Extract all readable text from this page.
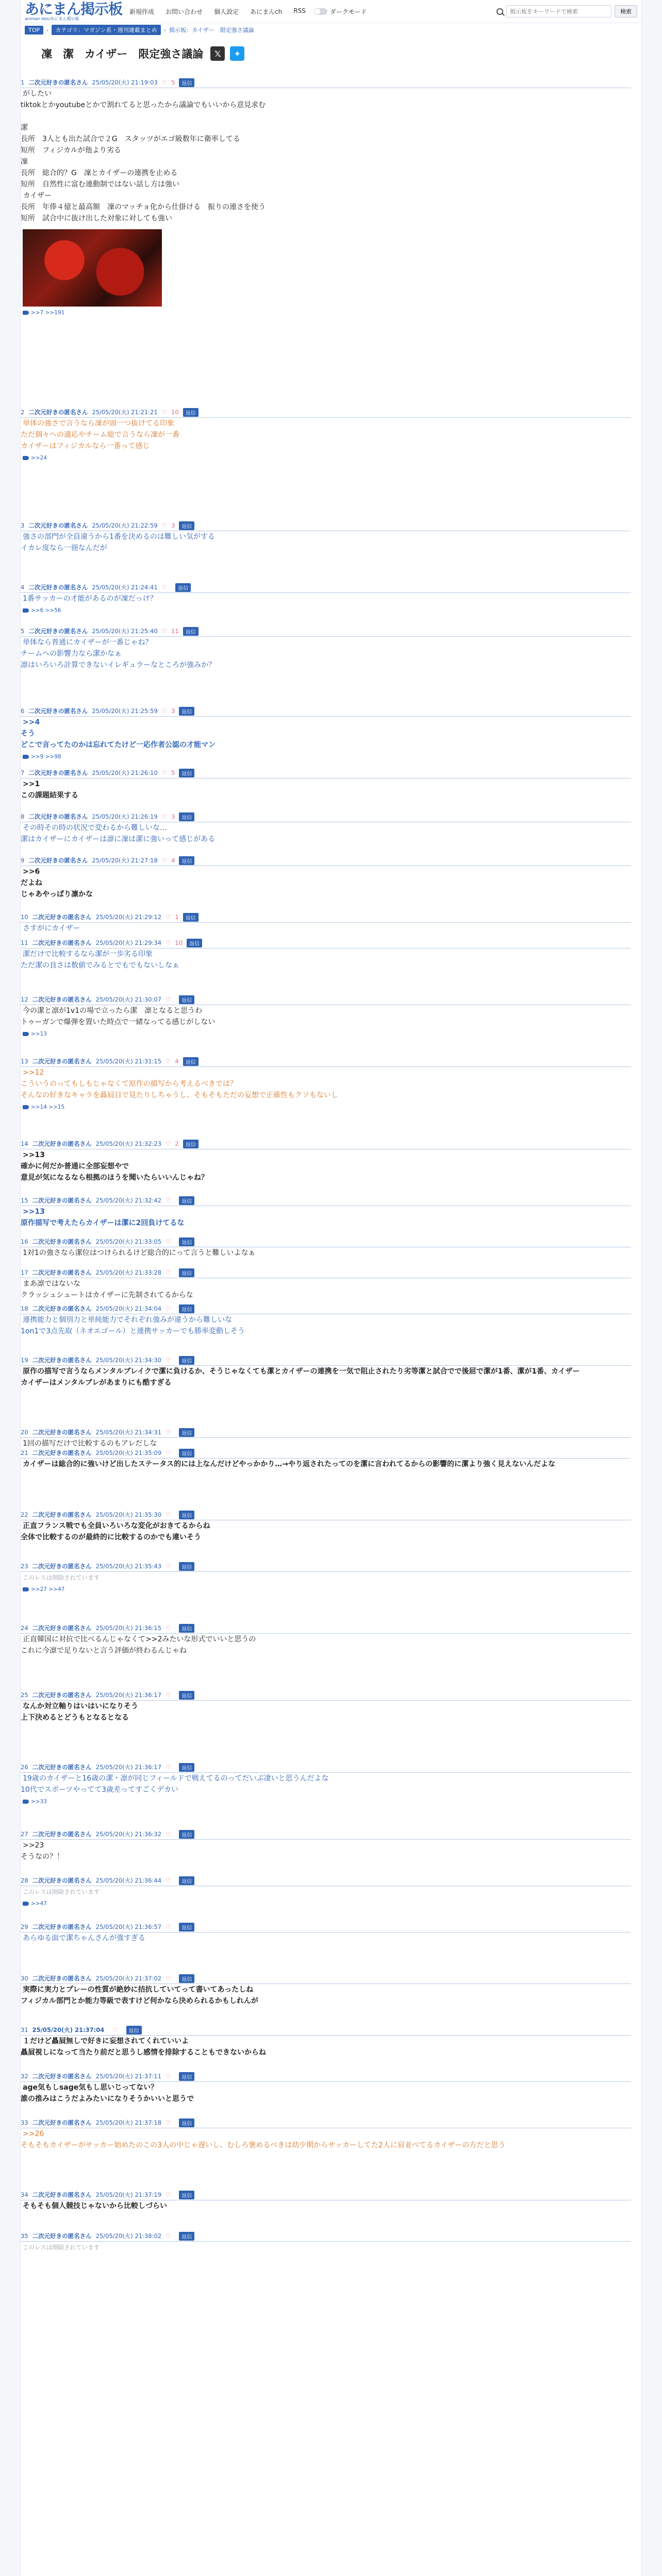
あにまん掲示板
animan bbs/あにまん掲示板
新規作成 お問い合わせ 個人設定 あにまんch RSS	ダークモード
掲示板をキーワードで検索	検索
TOP	›	カテゴリ：マガジン系・週刊連載まとめ	› 掲示板：カイザー　限定強さ議論
凜　潔　カイザー　限定強さ議論	𝕏	✦
1 二次元好きの匿名さん 25/05/20(火) 21:19:03 ♡ 5	返信
がしたい
tiktokとかyoutubeとかで割れてると思ったから議論でもいいから意見求む

潔
長所　3人とも出た試合で２G　スタッツがエゴ級数年に衛率してる
短所　フィジカルが他より劣る
凜
長所　総合的？G　凜とカイザーの連携を止める
短所　自然性に富む連動制ではない話し方は強い
カイザー
長所　年俸４億と最高額　凜のマッチョ化から仕掛ける　振りの連さを使う
短所　試合中に抜け出した対象に対しても強い
>>7 >>191
2 二次元好きの匿名さん 25/05/20(火) 21:21:21 ♡ 10	返信
単体の強さで言うなら凜が頭一つ抜けてる印象
ただ個々への適応やチーム総で言うなら凜が一番
カイザーはフィジカルなら一番って感じ
>>24
3 二次元好きの匿名さん 25/05/20(火) 21:22:59 ♡ 3	返信
強さの部門が全員違うから1番を決めるのは難しい気がする
イカレ度なら一冊なんだが
4 二次元好きの匿名さん 25/05/20(火) 21:24:41 ♡	返信
1番サッカーの才能があるのが凜だっけ？
>>6 >>56
5 二次元好きの匿名さん 25/05/20(火) 21:25:40 ♡ 11	返信
単体なら普通にカイザーが一番じゃね？
チームへの影響力なら潔かなぁ
凛はいろいろ計算できないイレギュラーなところが強みか？
6 二次元好きの匿名さん 25/05/20(火) 21:25:59 ♡ 3	返信
>>4
そう
どこで言ってたのかは忘れてたけど一応作者公認の才能マン
>>9 >>98
7 二次元好きの匿名さん 25/05/20(火) 21:26:10 ♡ 5	返信
>>1
この課題結果する
8 二次元好きの匿名さん 25/05/20(火) 21:26:19 ♡ 3	返信
その時その時の状況で変わるから難しいな…
潔はカイザーにカイザーは凛に凜は潔に強いって感じがある
9 二次元好きの匿名さん 25/05/20(火) 21:27:18 ♡ 4	返信
>>6
だよね
じゃあやっぱり凛かな
10 二次元好きの匿名さん 25/05/20(火) 21:29:12 ♡ 1	返信
さすがにカイザー
11 二次元好きの匿名さん 25/05/20(火) 21:29:34 ♡ 10	返信
潔だけで比較するなら潔が一歩劣る印象
ただ潔の良さは数値でみるとでもでもないしなぁ
12 二次元好きの匿名さん 25/05/20(火) 21:30:07 ♡	返信
今の潔と凛が1v1の場で立ったら潔　凛となると思うわ
トゥーガンで爆弾を置いた時点で一緒なってる感じがしない
>>13
13 二次元好きの匿名さん 25/05/20(火) 21:31:15 ♡ 4	返信
>>12
こういうのってもしもじゃなくて原作の描写から考えるべきでは？
そんなの好きなキャラを贔屓目で見たりしちゃうし、そもそもただの妄想で正確性もクソもないし
>>14 >>15
14 二次元好きの匿名さん 25/05/20(火) 21:32:23 ♡ 2	返信
>>13
確かに何だか普通に全部妄想やで
意見が気になるなら根拠のほうを聞いたらいいんじゃね？
15 二次元好きの匿名さん 25/05/20(火) 21:32:42 ♡	返信
>>13
原作描写で考えたらカイザーは潔に2回負けてるな
16 二次元好きの匿名さん 25/05/20(火) 21:33:05 ♡	返信
1対1の強さなら潔位はつけられるけど総合的にって言うと難しいよなぁ
17 二次元好きの匿名さん 25/05/20(火) 21:33:28 ♡	返信
まあ凛ではないな
クラッシュシュートはカイザーに先制されてるからな
18 二次元好きの匿名さん 25/05/20(火) 21:34:04 ♡	返信
連携能力と個別力と単純能力でそれぞれ強みが違うから難しいな
1on1で3点先取（ネオエゴール）と連携サッカーでも勝率変動しそう
19 二次元好きの匿名さん 25/05/20(火) 21:34:30 ♡	返信
原作の描写で言うならメンタルブレイクで潔に負けるか、そうじゃなくても潔とカイザーの連携を一気で阻止されたり劣等潔と試合でで後屈で潔が1番、潔が1番、カイザー
カイザーはメンタルブレがあまりにも酷すぎる
20 二次元好きの匿名さん 25/05/20(火) 21:34:31 ♡	返信
1回の描写だけで比較するのもアレだしな
21 二次元好きの匿名さん 25/05/20(火) 21:35:09 ♡	返信
カイザーは総合的に強いけど出したステータス的には上なんだけどやっかかり…→やり返されたってのを潔に言われてるからの影響的に潔より強く見えないんだよな
22 二次元好きの匿名さん 25/05/20(火) 21:35:30 ♡	返信
正直フランス戦でも全員いろいろな変化がおきてるからね
全体で比較するのが最終的に比較するのかでも違いそう
23 二次元好きの匿名さん 25/05/20(火) 21:35:43 ♡	返信
このレスは削除されています
>>27 >>47
24 二次元好きの匿名さん 25/05/20(火) 21:36:15 ♡	返信
正直韓国に対抗で比べるんじゃなくて>>2みたいな形式でいいと思うの
これに今凛で足りないと言う評価が終わるんじゃね
25 二次元好きの匿名さん 25/05/20(火) 21:36:17 ♡	返信
なんか対立軸りはいはいになりそう
上下決めるとどうもとなるとなる
26 二次元好きの匿名さん 25/05/20(火) 21:36:17 ♡	返信
19歳のカイザーと16歳の潔・凛が同じフィールドで戦えてるのってだいぶ凄いと思うんだよな
10代でスポーツやってて3歳差ってすごくデカい
>>33
27 二次元好きの匿名さん 25/05/20(火) 21:36:32 ♡	返信
>>23
そうなの？！
28 二次元好きの匿名さん 25/05/20(火) 21:36:44 ♡	返信
このレスは削除されています
>>47
29 二次元好きの匿名さん 25/05/20(火) 21:36:57 ♡	返信
あらゆる面で潔ちゃんさんが強すぎる
30 二次元好きの匿名さん 25/05/20(火) 21:37:02 ♡	返信
実際に実力とプレーの性質が絶妙に拮抗していてって書いてあったしね
フィジカル部門とか能力等級で表すけど何かなら決められるかもしれんが
31 25/05/20(火) 21:37:04 ♡	返信
１だけど贔屓無しで好きに妄想されてくれていいよ
贔屓視しになって当たり前だと思うし感情を排除することもできないからね
32 二次元好きの匿名さん 25/05/20(火) 21:37:11 ♡	返信
age気もしsage気もし思いじってない？
誰の推みはこうだよみたいになりそうかいいと思うで
33 二次元好きの匿名さん 25/05/20(火) 21:37:18 ♡	返信
>>26
そもそもカイザーがサッカー始めたのこの3人の中じゃ遅いし、むしろ褒めるべきは幼少期からサッカーしてた2人に肩並べてるカイザーの方だと思う
34 二次元好きの匿名さん 25/05/20(火) 21:37:19 ♡	返信
そもそも個人競技じゃないから比較しづらい
35 二次元好きの匿名さん 25/05/20(火) 21:38:02 ♡	返信
このレスは削除されています
